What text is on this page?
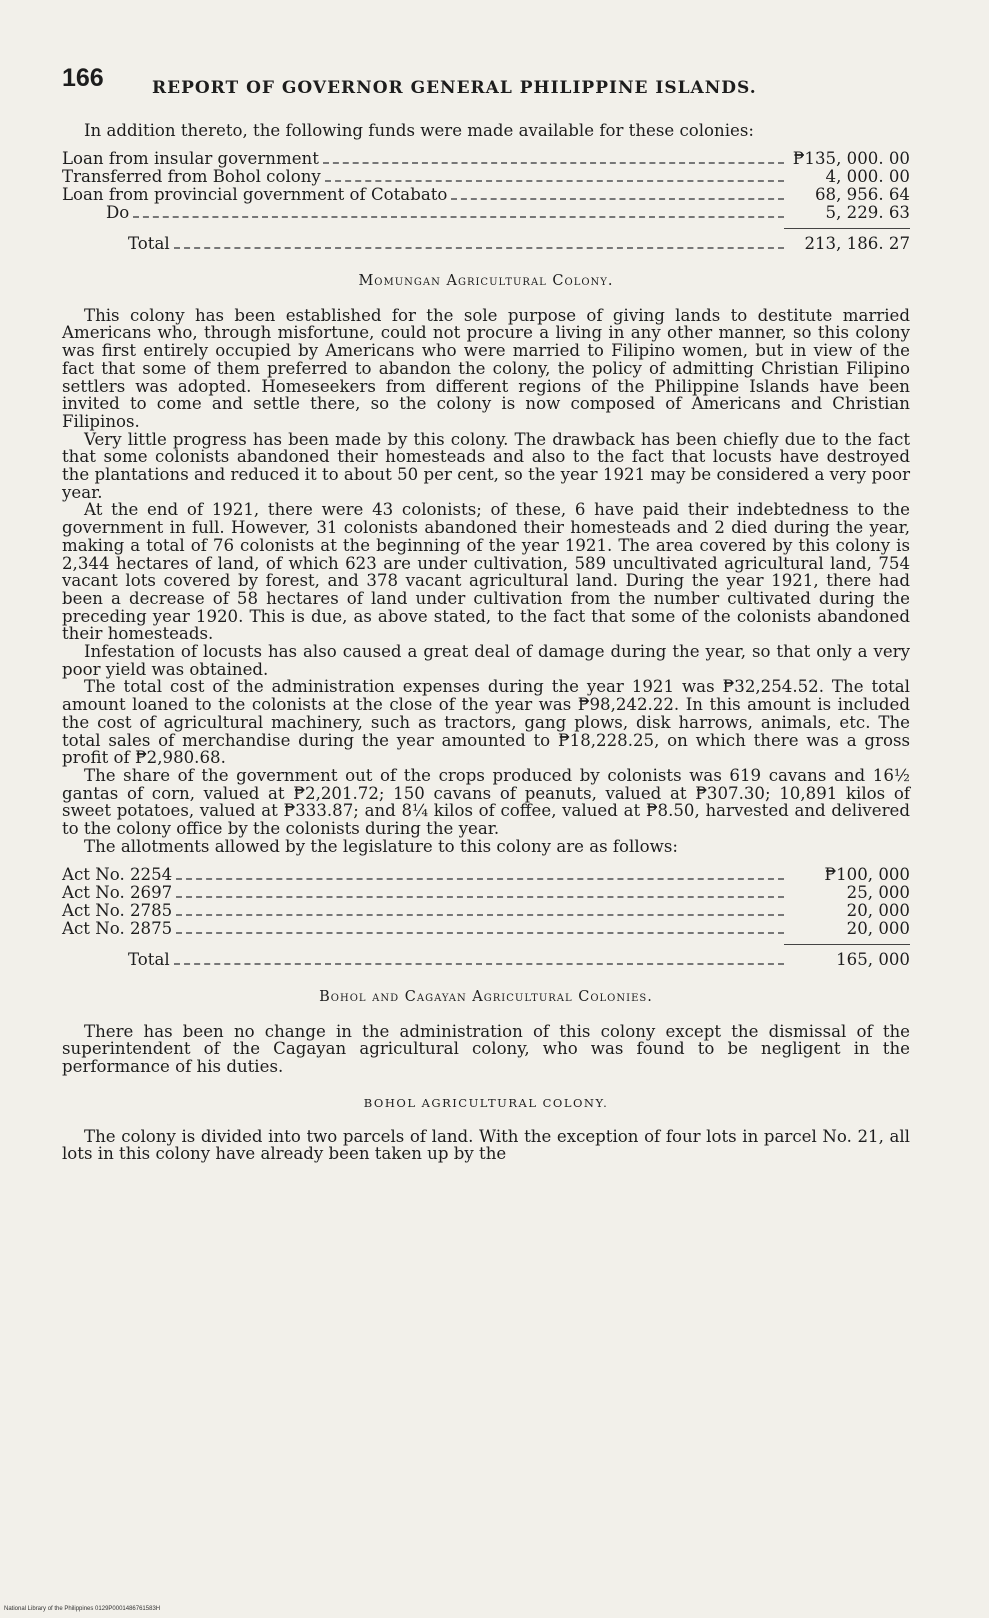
166	REPORT OF GOVERNOR GENERAL PHILIPPINE ISLANDS.

In addition thereto, the following funds were made available for these colonies:

Loan from insular government	₱135, 000. 00
Transferred from Bohol colony	4, 000. 00
Loan from provincial government of Cotabato	68, 956. 64
Do	5, 229. 63
Total	213, 186. 27
Momungan Agricultural Colony.

This colony has been established for the sole purpose of giving lands to destitute married Americans who, through misfortune, could not procure a living in any other manner, so this colony was first entirely occupied by Americans who were married to Filipino women, but in view of the fact that some of them preferred to abandon the colony, the policy of admitting Christian Filipino settlers was adopted. Homeseekers from different regions of the Philippine Islands have been invited to come and settle there, so the colony is now composed of Americans and Christian Filipinos.

Very little progress has been made by this colony. The drawback has been chiefly due to the fact that some colonists abandoned their homesteads and also to the fact that locusts have destroyed the plantations and reduced it to about 50 per cent, so the year 1921 may be considered a very poor year.

At the end of 1921, there were 43 colonists; of these, 6 have paid their indebtedness to the government in full. However, 31 colonists abandoned their homesteads and 2 died during the year, making a total of 76 colonists at the beginning of the year 1921. The area covered by this colony is 2,344 hectares of land, of which 623 are under cultivation, 589 uncultivated agricultural land, 754 vacant lots covered by forest, and 378 vacant agricultural land. During the year 1921, there had been a decrease of 58 hectares of land under cultivation from the number cultivated during the preceding year 1920. This is due, as above stated, to the fact that some of the colonists abandoned their homesteads.

Infestation of locusts has also caused a great deal of damage during the year, so that only a very poor yield was obtained.

The total cost of the administration expenses during the year 1921 was ₱32,254.52. The total amount loaned to the colonists at the close of the year was ₱98,242.22. In this amount is included the cost of agricultural machinery, such as tractors, gang plows, disk harrows, animals, etc. The total sales of merchandise during the year amounted to ₱18,228.25, on which there was a gross profit of ₱2,980.68.

The share of the government out of the crops produced by colonists was 619 cavans and 16½ gantas of corn, valued at ₱2,201.72; 150 cavans of peanuts, valued at ₱307.30; 10,891 kilos of sweet potatoes, valued at ₱333.87; and 8¼ kilos of coffee, valued at ₱8.50, harvested and delivered to the colony office by the colonists during the year.

The allotments allowed by the legislature to this colony are as follows:

Act No. 2254	₱100, 000
Act No. 2697	25, 000
Act No. 2785	20, 000
Act No. 2875	20, 000
Total	165, 000
Bohol and Cagayan Agricultural Colonies.

There has been no change in the administration of this colony except the dismissal of the superintendent of the Cagayan agricultural colony, who was found to be negligent in the performance of his duties.

BOHOL AGRICULTURAL COLONY.

The colony is divided into two parcels of land. With the exception of four lots in parcel No. 21, all lots in this colony have already been taken up by the

National Library of the Philippines 0129P0001486761583H
